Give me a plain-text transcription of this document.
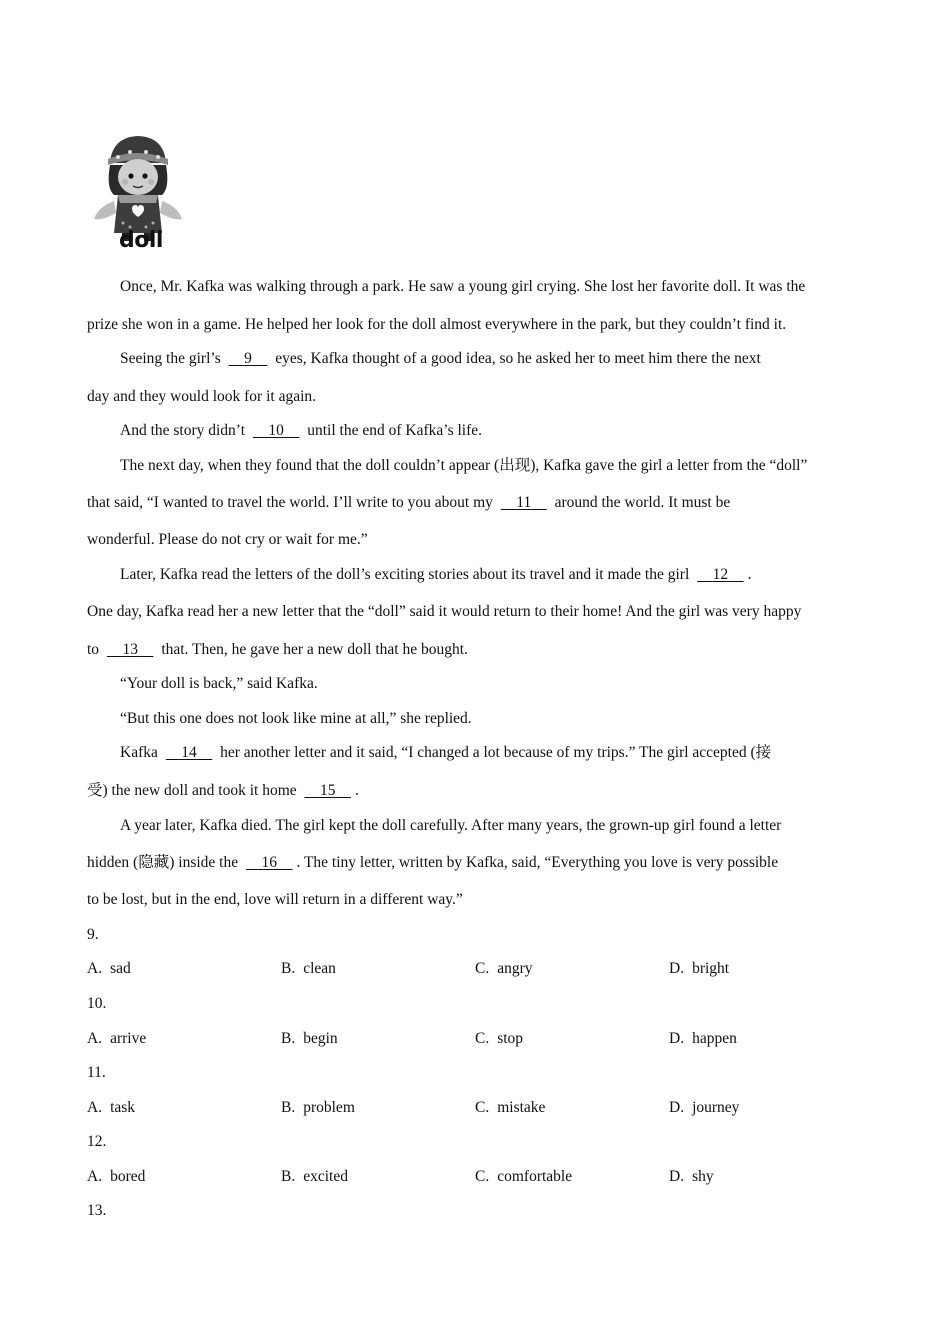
doll
Once, Mr. Kafka was walking through a park. He saw a young girl crying. She lost her favorite doll. It was the
prize she won in a game. He helped her look for the doll almost everywhere in the park, but they couldn’t find it.
Seeing the girl’s 9 eyes, Kafka thought of a good idea, so he asked her to meet him there the next
day and they would look for it again.
And the story didn’t 10 until the end of Kafka’s life.
The next day, when they found that the doll couldn’t appear (出现), Kafka gave the girl a letter from the “doll”
that said, “I wanted to travel the world. I’ll write to you about my 11 around the world. It must be
wonderful. Please do not cry or wait for me.”
Later, Kafka read the letters of the doll’s exciting stories about its travel and it made the girl 12 .
One day, Kafka read her a new letter that the “doll” said it would return to their home! And the girl was very happy
to 13 that. Then, he gave her a new doll that he bought.
“Your doll is back,” said Kafka.
“But this one does not look like mine at all,” she replied.
Kafka 14 her another letter and it said, “I changed a lot because of my trips.” The girl accepted (接
受) the new doll and took it home 15 .
A year later, Kafka died. The girl kept the doll carefully. After many years, the grown-up girl found a letter
hidden (隐藏) inside the 16 . The tiny letter, written by Kafka, said, “Everything you love is very possible
to be lost, but in the end, love will return in a different way.”
9.
A. sad	B. clean	C. angry	D. bright
10.
A. arrive	B. begin	C. stop	D. happen
11.
A. task	B. problem	C. mistake	D. journey
12.
A. bored	B. excited	C. comfortable	D. shy
13.
